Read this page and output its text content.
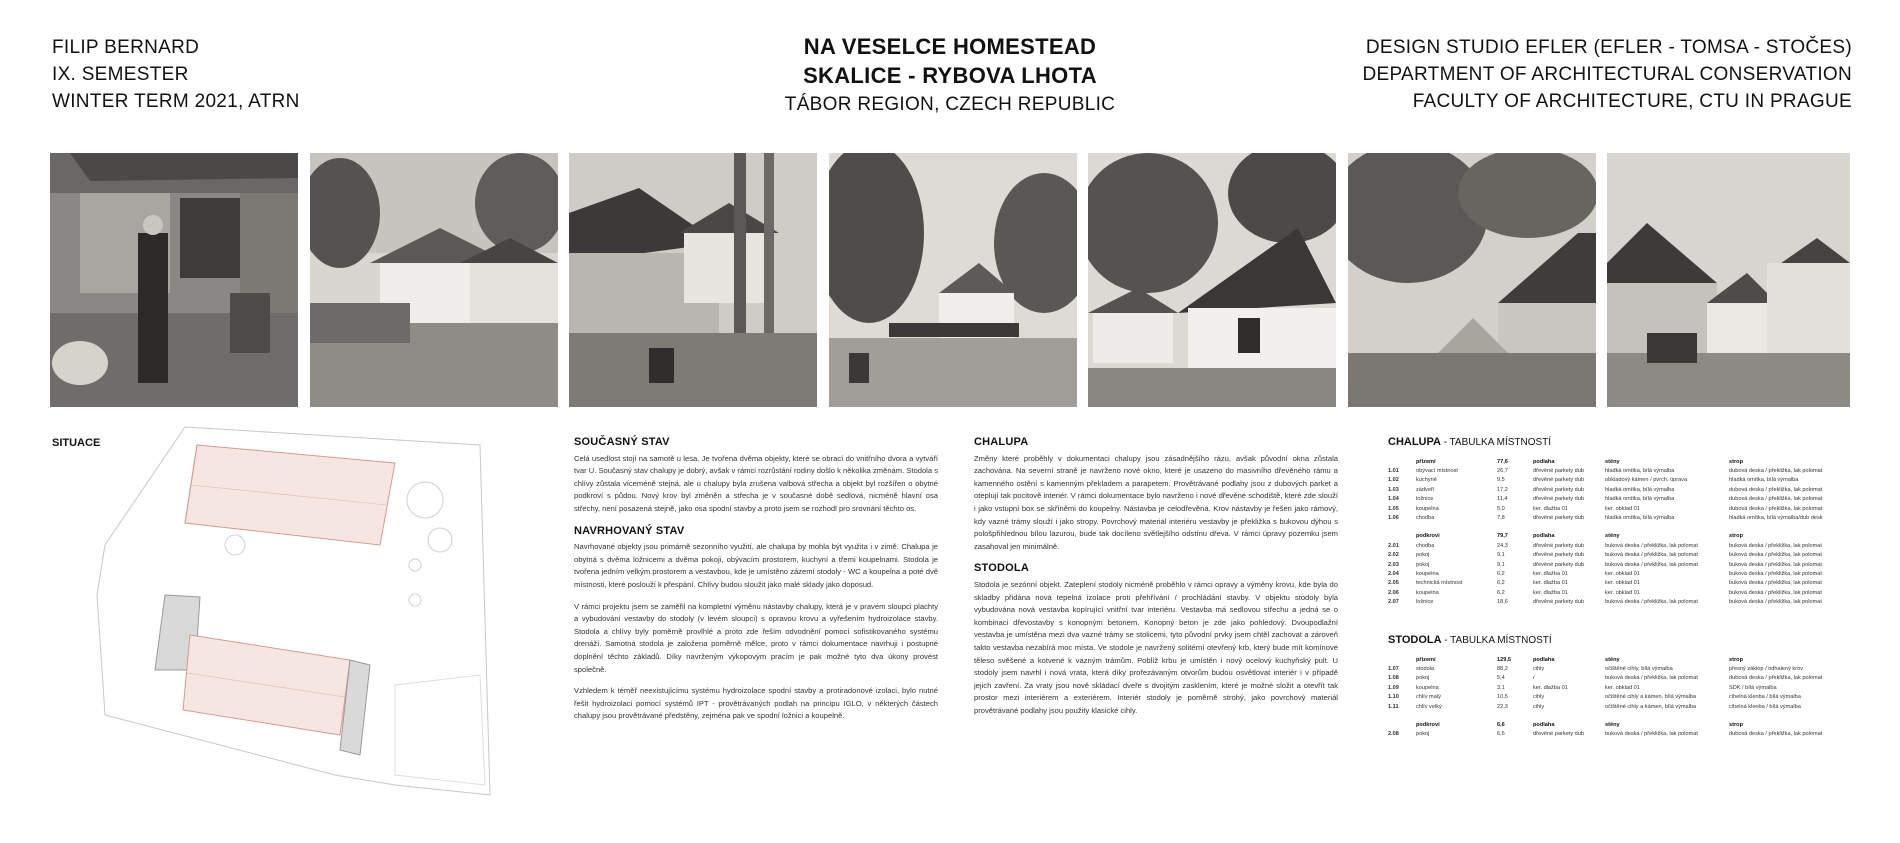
FILIP BERNARD
IX. SEMESTER
WINTER TERM 2021, ATRN
NA VESELCE HOMESTEAD
SKALICE - RYBOVA LHOTA
TÁBOR REGION, CZECH REPUBLIC
DESIGN STUDIO EFLER (EFLER - TOMSA - STOČES)
DEPARTMENT OF ARCHITECTURAL CONSERVATION
FACULTY OF ARCHITECTURE, CTU IN PRAGUE
SITUACE	SOUČASNÝ STAV

Celá usedlost stojí na samotě u lesa. Je tvořena dvěma objekty, které se obrací do vnitřního dvora a vytváří tvar U. Současný stav chalupy je dobrý, avšak v rámci rozrůstání rodiny došlo k několika změnám. Stodola s chlívy zůstala víceméně stejná, ale u chalupy byla zrušena valbová střecha a objekt byl rozšířen o obytné podkroví s půdou. Nový krov byl změněn a střecha je v současné době sedlová, nicméně hlavní osa střechy, není posazená stejně, jako osa spodní stavby a proto jsem se rozhodl pro srovnání těchto os.

NAVRHOVANÝ STAV

Navrhované objekty jsou primárně sezonního využití, ale chalupa by mohla být využita i v zimě. Chalupa je obytná s dvěma ložnicemi a dvěma pokoji, obývacím prostorem, kuchyní a třemi koupelnami. Stodola je tvořena jedním velkým prostorem a vestavbou, kde je umístěno zázemí stodoly - WC a koupelna a poté dvě místnosti, které poslouží k přespání. Chlívy budou sloužit jako malé sklady jako doposud.

V rámci projektu jsem se zaměřil na kompletní výměnu nástavby chalupy, která je v pravém sloupci plachty a vybudování vestavby do stodoly (v levém sloupci) s opravou krovu a vyřešením hydroizolace stavby. Stodola a chlívy byly poměrně provlhlé a proto zde řeším odvodnění pomocí sofistikovaného systému drenáží. Samotná stodola je založena poměrně mělce, proto v rámci dokumentace navrhuji i postupné doplnění těchto základů. Díky navrženým výkopovým pracím je pak možné tyto dva úkony provést společně.

Vzhledem k téměř neexistujícímu systému hydroizolace spodní stavby a protiradonové izolaci, bylo nutné řešit hydroizolaci pomocí systémů IPT - provětrávaných podlah na principu IGLO, v některých částech chalupy jsou provětrávané předstěny, zejména pak ve spodní ložnici a koupelně.

CHALUPA

Změny které proběhly v dokumentaci chalupy jsou zásadnějšího rázu, avšak původní okna zůstala zachována. Na severní straně je navrženo nové okno, které je usazeno do masivního dřevěného rámu a kamenného ostění s kamenným překladem a parapetem. Provětrávané podlahy jsou z dubových parket a oteplují tak pocitově interiér. V rámci dokumentace bylo navrženo i nové dřevěné schodiště, které zde slouží i jako vstupní box se skříněmi do koupelny. Nástavba je celodřevěná. Krov nástavby je řešen jako rámový, kdy vazné trámy slouží i jako stropy. Povrchový materiál interiéru vestavby je překližka s bukovou dýhou s pološpřihlednou bílou lazurou, bude tak docíleno světlejšího odstínu dřeva. V rámci úpravy pozemku jsem zasahoval jen minimálně.

STODOLA

Stodola je sezónní objekt. Zateplení stodoly nicméně proběhlo v rámci opravy a výměny krovu, kde byla do skladby přidána nová tepelná izolace proti přehřívání / prochládání stavby. V objektu stodoly byla vybudována nová vestavba kopírující vnitřní tvar interiéru. Vestavba má sedlovou střechu a jedná se o kombinaci dřevostavby s konopným betonem. Konopný beton je zde jako pohledový. Dvoupodlažní vestavba je umístěna mezi dva vazné trámy se stolicemi, tyto původní prvky jsem chtěl zachovat a zároveň takto vestavba nezabírá moc místa. Ve stodole je navržený solitérní otevřený krb, který bude mít komínové těleso svěšené a kotvené k vazným trámům. Poblíž krbu je umístěn i nový ocelový kuchyňský pult. U stodoly jsem navrhl i nová vrata, která díky prořezávaným otvorům budou osvětlovat interiér i v případě jejich zavření. Za vraty jsou nově skládací dveře s dvojitým zasklením, které je možné složit a otevřít tak prostor mezi interiérem a exteriérem. Interiér stodoly je poměrně strohý, jako povrchový materiál provětrávané podlahy jsou použity klasické cihly.

CHALUPA - TABULKA MÍSTNOSTÍ
	přízemí	77,6	podlaha	stěny	strop
1.01	obývací místnost	26,7	dřevěné parkety dub	hladká omítka, bílá výmalba	dubová deska / překližka, lak polomat
1.02	kuchyně	9,5	dřevěné parkety dub	obkladový kámen / pvrch. úprava	hladká omítka, bílá výmalba
1.03	zádveří	17,2	dřevěné parkety dub	hladká omítka, bílá výmalba	dubová deska / překližka, lak polomat
1.04	ložnice	11,4	dřevěné parkety dub	hladká omítka, bílá výmalba	dubová deska / překližka, lak polomat
1.05	koupelna	5,0	ker. dlažba 01	ker. obklad 01	dubová deska / překližka, lak polomat
1.06	chodba	7,8	dřevěné parkety dub	hladká omítka, bílá výmalba	hladká omítka, bílá výmalba/dub desk

	podkroví	79,7	podlaha	stěny	strop
2.01	chodba	24,3	dřevěné parkety dub	buková deska / překližka, lak polomat	buková deska / překližka, lak polomat
2.02	pokoj	9,1	dřevěné parkety dub	buková deska / překližka, lak polomat	buková deska / překližka, lak polomat
2.03	pokoj	9,1	dřevěné parkety dub	buková deska / překližka, lak polomat	buková deska / překližka, lak polomat
2.04	koupelna	6,2	ker. dlažba 01	ker. obklad 01	buková deska / překližka, lak polomat
2.05	technická místnost	6,2	ker. dlažba 01	ker. obklad 01	buková deska / překližka, lak polomat
2.06	koupelna	6,2	ker. dlažba 01	ker. obklad 01	buková deska / překližka, lak polomat
2.07	ložnice	18,6	dřevěné parkety dub	buková deska / překližka, lak polomat	buková deska / překližka, lak polomat
STODOLA - TABULKA MÍSTNOSTÍ
	přízemí	129,5	podlaha	stěny	strop
1.07	stodola	88,2	cihly	očištěné cihly, bílá výmalba	přesný záklop / odhalený krov
1.08	pokoj	5,4	/	buková deska / překližka, lak polomat	dubová deska / překližka, lak polomat
1.09	koupelna	3,1	ker. dlažba 01	ker. obklad 01	SDK / bílá výmalba
1.10	chlív malý	10,5	cihly	očištěné cihly a kámen, bílá výmalba	cihelná klenba / bílá výmalba
1.11	chlív velký	22,3	cihly	očištěné cihly a kámen, bílá výmalba	cihelná klenba / bílá výmalba

	podkroví	6,6	podlaha	stěny	strop
2.08	pokoj	6,6	dřevěné parkety dub	buková deska / překližka, lak polomat	dubová deska / překližka, lak polomat
